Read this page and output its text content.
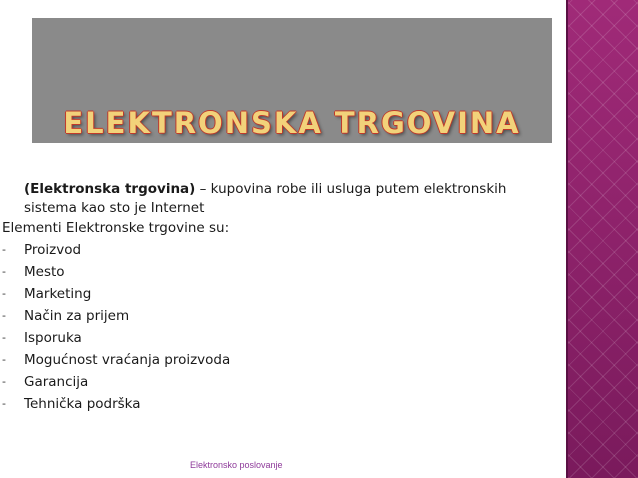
ELEKTRONSKA TRGOVINA
(Elektronska trgovina) – kupovina robe ili usluga putem elektronskih sistema kao sto je Internet
Elementi Elektronske trgovine su:
- Proizvod
- Mesto
- Marketing
- Način za prijem
- Isporuka
- Mogućnost vraćanja proizvoda
- Garancija
- Tehnička podrška
Elektronsko poslovanje
